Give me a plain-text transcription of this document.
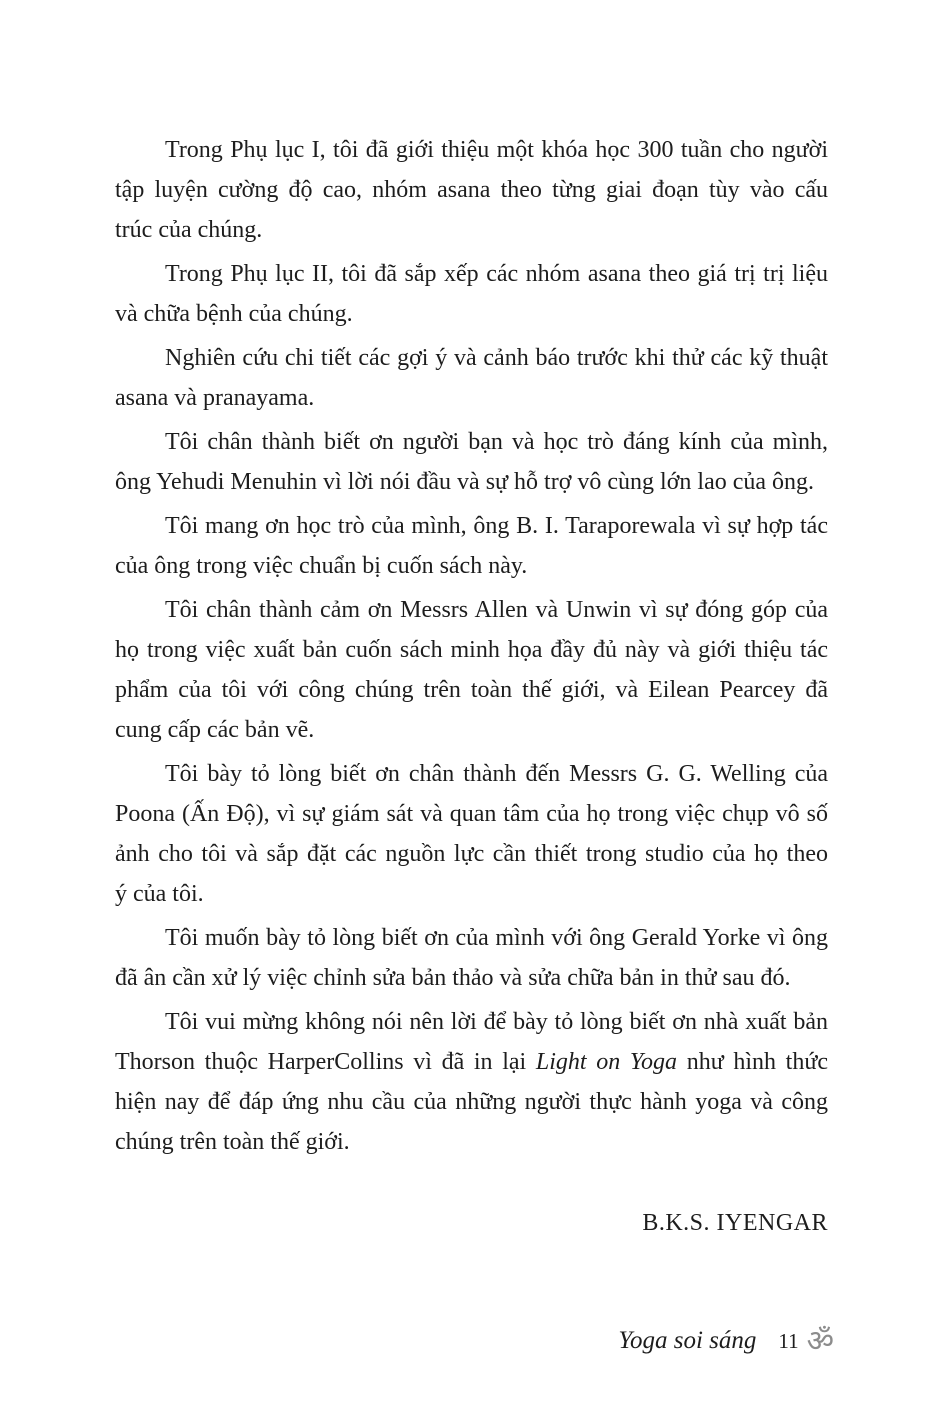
Trong Phụ lục I, tôi đã giới thiệu một khóa học 300 tuần cho người
tập luyện cường độ cao, nhóm asana theo từng giai đoạn tùy vào cấu
trúc của chúng.
Trong Phụ lục II, tôi đã sắp xếp các nhóm asana theo giá trị trị liệu
và chữa bệnh của chúng.
Nghiên cứu chi tiết các gợi ý và cảnh báo trước khi thử các kỹ thuật
asana và pranayama.
Tôi chân thành biết ơn người bạn và học trò đáng kính của mình,
ông Yehudi Menuhin vì lời nói đầu và sự hỗ trợ vô cùng lớn lao của ông.
Tôi mang ơn học trò của mình, ông B. I. Taraporewala vì sự hợp tác
của ông trong việc chuẩn bị cuốn sách này.
Tôi chân thành cảm ơn Messrs Allen và Unwin vì sự đóng góp của
họ trong việc xuất bản cuốn sách minh họa đầy đủ này và giới thiệu tác
phẩm của tôi với công chúng trên toàn thế giới, và Eilean Pearcey đã
cung cấp các bản vẽ.
Tôi bày tỏ lòng biết ơn chân thành đến Messrs G. G. Welling của
Poona (Ấn Độ), vì sự giám sát và quan tâm của họ trong việc chụp vô số
ảnh cho tôi và sắp đặt các nguồn lực cần thiết trong studio của họ theo
ý của tôi.
Tôi muốn bày tỏ lòng biết ơn của mình với ông Gerald Yorke vì ông
đã ân cần xử lý việc chỉnh sửa bản thảo và sửa chữa bản in thử sau đó.
Tôi vui mừng không nói nên lời để bày tỏ lòng biết ơn nhà xuất bản
Thorson thuộc HarperCollins vì đã in lại Light on Yoga như hình thức
hiện nay để đáp ứng nhu cầu của những người thực hành yoga và công
chúng trên toàn thế giới.
B.K.S. IYENGAR
Yoga soi sáng 11 ॐ
